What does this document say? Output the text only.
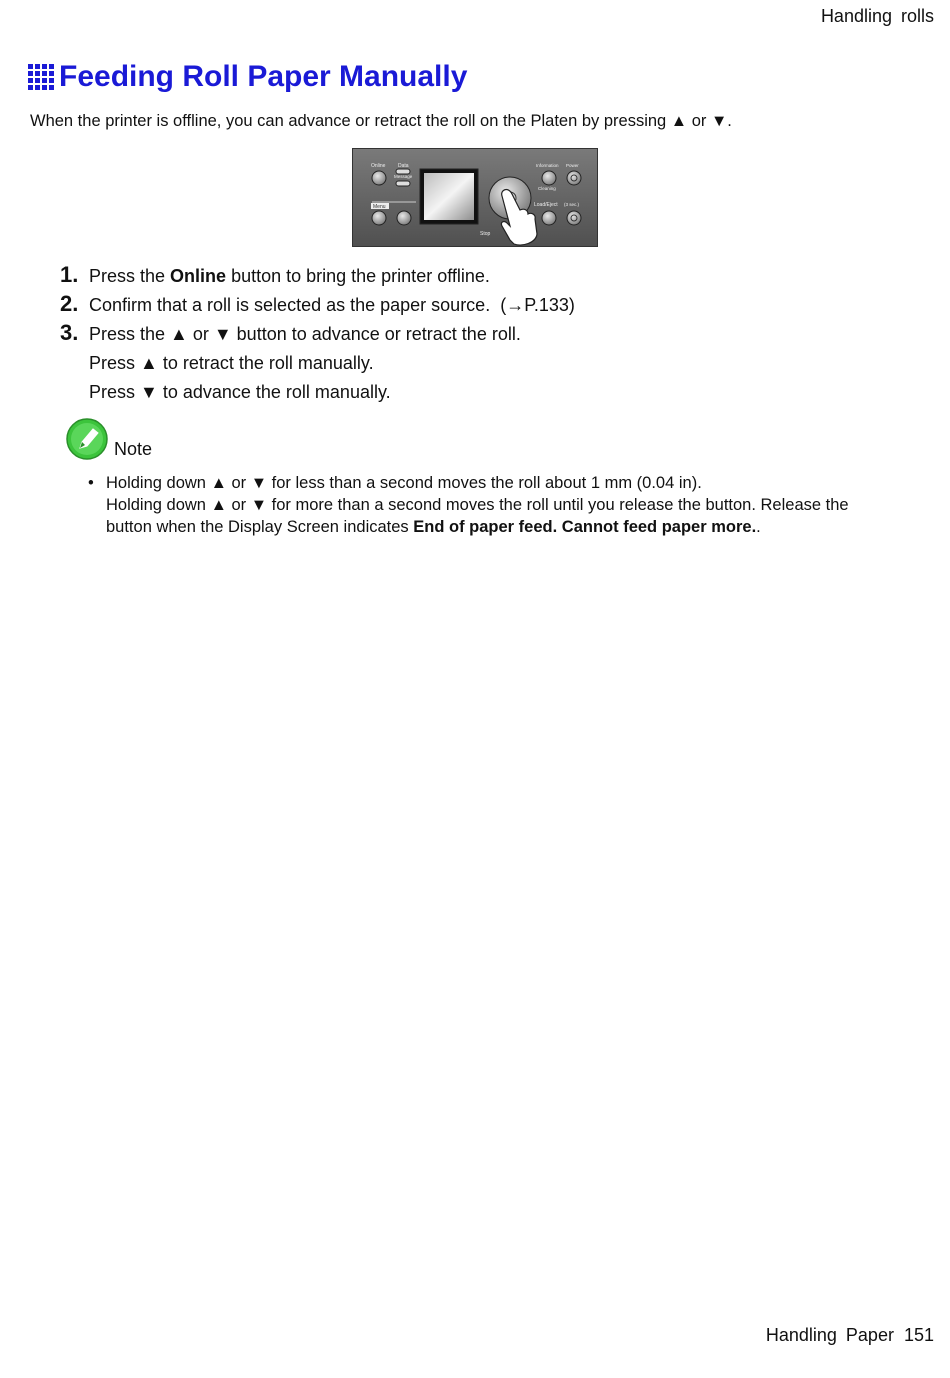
Handling rolls
Feeding Roll Paper Manually
When the printer is offline, you can advance or retract the roll on the Platen by pressing ▲ or ▼.
Online	Data
Message
Menu
Stop
Information Power
Cleaning
Load/Eject (3 sec.)
1. Press the Online button to bring the printer offline.
2. Confirm that a roll is selected as the paper source.  (→P.133)
3. Press the ▲ or ▼ button to advance or retract the roll.
Press ▲ to retract the roll manually.
Press ▼ to advance the roll manually.
Note
• Holding down ▲ or ▼ for less than a second moves the roll about 1 mm (0.04 in).
Holding down ▲ or ▼ for more than a second moves the roll until you release the button. Release the button when the Display Screen indicates End of paper feed. Cannot feed paper more..
Handling Paper 151
